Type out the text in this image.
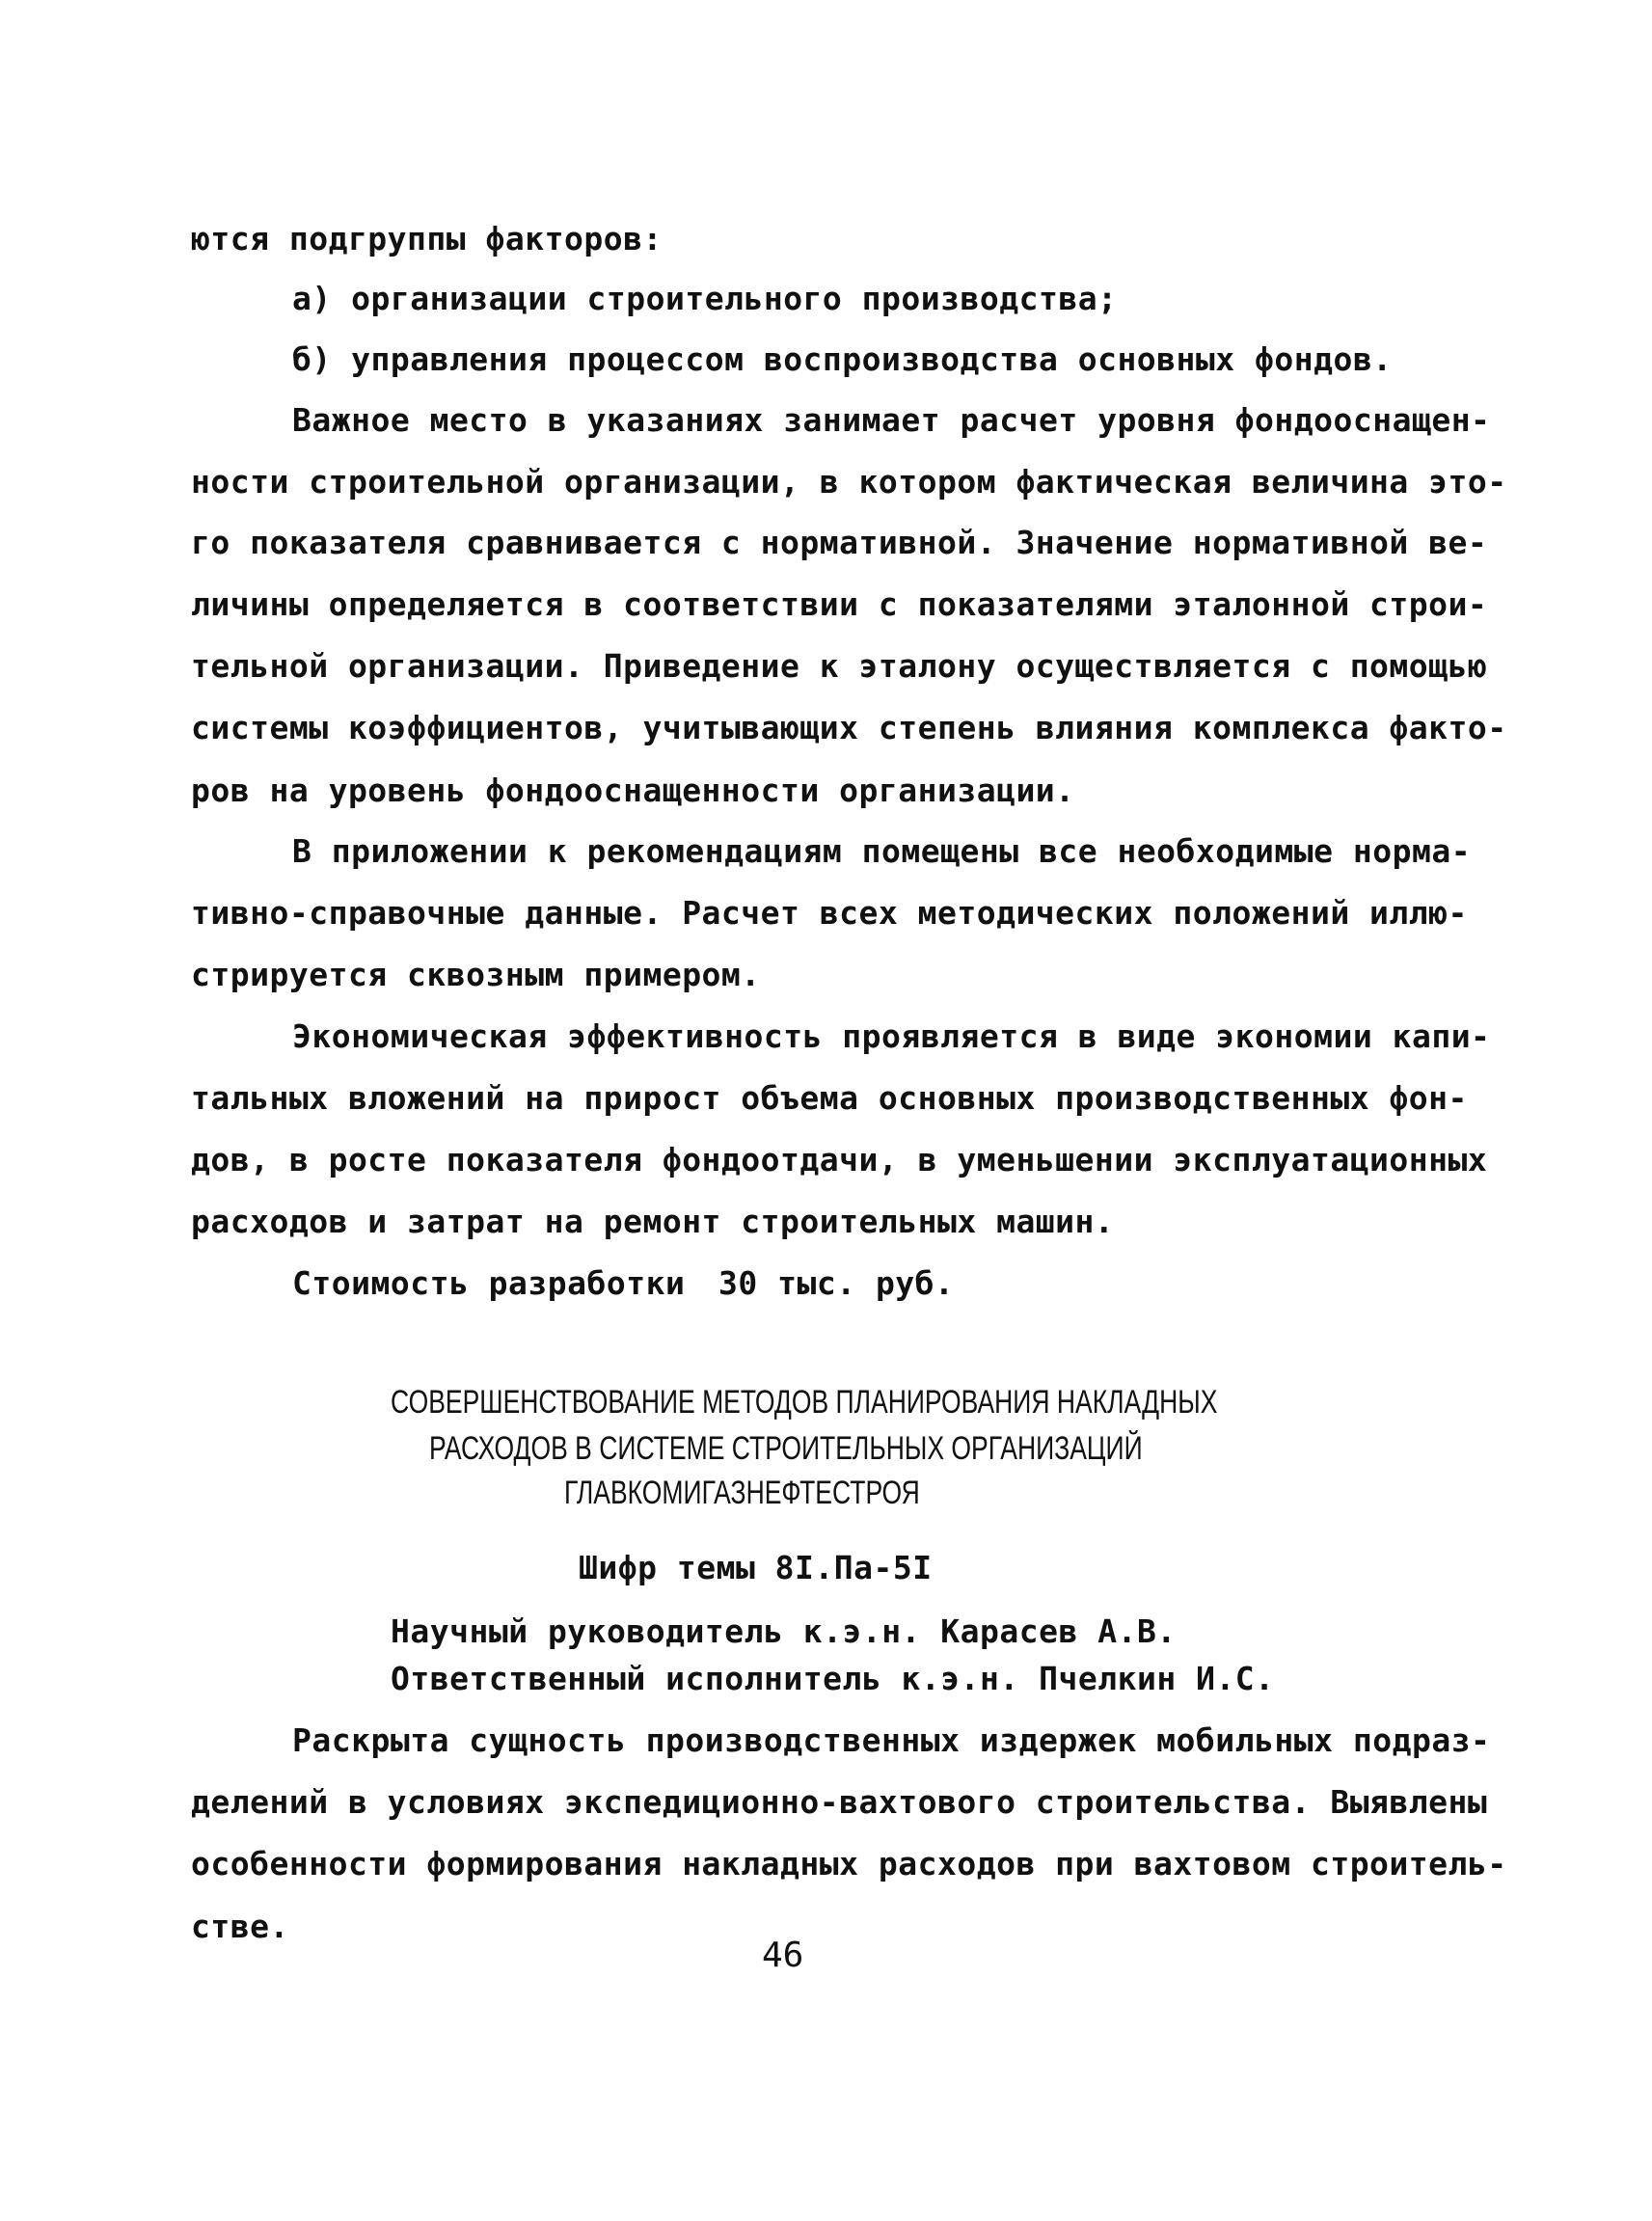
ются подгруппы факторов:
а) организации строительного производства;
б) управления процессом воспроизводства основных фондов.
Важное место в указаниях занимает расчет уровня фондооснащен-
ности строительной организации, в котором фактическая величина это-
го показателя сравнивается с нормативной. Значение нормативной ве-
личины определяется в соответствии с показателями эталонной строи-
тельной организации. Приведение к эталону осуществляется с помощью
системы коэффициентов, учитывающих степень влияния комплекса факто-
ров на уровень фондооснащенности организации.
В приложении к рекомендациям помещены все необходимые норма-
тивно-справочные данные. Расчет всех методических положений иллю-
стрируется сквозным примером.
Экономическая эффективность проявляется в виде экономии капи-
тальных вложений на прирост объема основных производственных фон-
дов, в росте показателя фондоотдачи, в уменьшении эксплуатационных
расходов и затрат на ремонт строительных машин.
Стоимость разработки 30 тыс. руб.
СОВЕРШЕНСТВОВАНИЕ МЕТОДОВ ПЛАНИРОВАНИЯ НАКЛАДНЫХ
РАСХОДОВ В СИСТЕМЕ СТРОИТЕЛЬНЫХ ОРГАНИЗАЦИЙ
ГЛАВКОМИГАЗНЕФТЕСТРОЯ
Шифр темы 8I.Па-5I
Научный руководитель к.э.н. Карасев А.В.
Ответственный исполнитель к.э.н. Пчелкин И.С.
Раскрыта сущность производственных издержек мобильных подраз-
делений в условиях экспедиционно-вахтового строительства. Выявлены
особенности формирования накладных расходов при вахтовом строитель-
стве.
46
